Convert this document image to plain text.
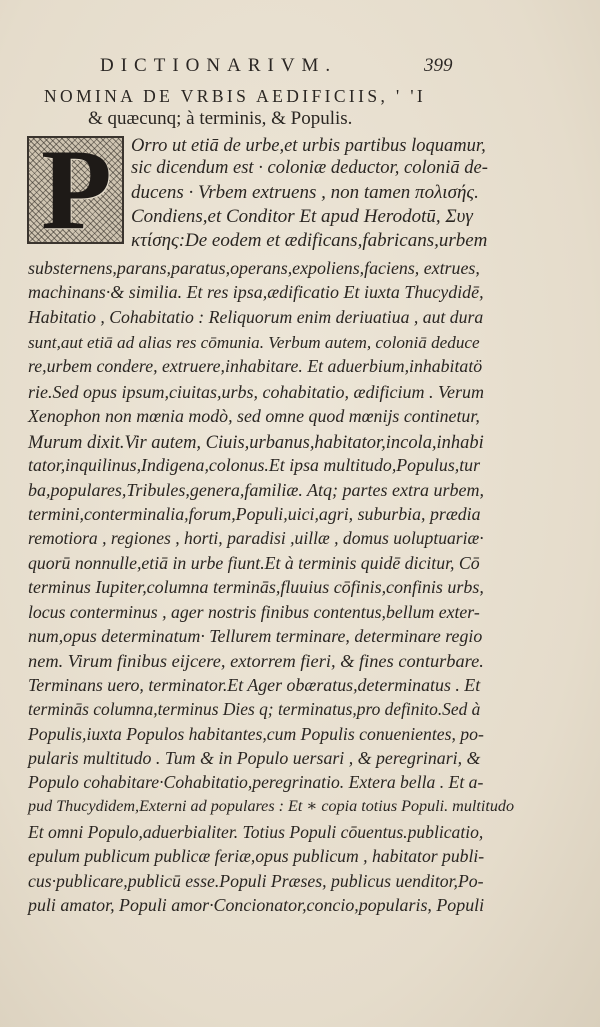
DICTIONARIVM.	399
NOMINA DE VRBIS AEDIFICIIS, ' 'I
& quæcunq; à terminis, & Populis.
P Orro ut etiā de urbe,et urbis partibus loquamur,
sic dicendum est · coloniæ deductor, coloniā de-
ducens · Vrbem extruens , non tamen πολισής.
Condiens,et Conditor Et apud Herodotū, Συγ
κτίσης:De eodem et ædificans,fabricans,urbem
substernens,parans,paratus,operans,expoliens,faciens, extrues,
machinans·& similia. Et res ipsa,ædificatio Et iuxta Thucydidē,
Habitatio , Cohabitatio : Reliquorum enim deriuatiua , aut dura
sunt,aut etiā ad alias res cōmunia. Verbum autem, coloniā deduce
re,urbem condere, extruere,inhabitare. Et aduerbium,inhabitatö
rie.Sed opus ipsum,ciuitas,urbs, cohabitatio, ædificium . Verum
Xenophon non mœnia modò, sed omne quod mœnijs continetur,
Murum dixit.Vir autem, Ciuis,urbanus,habitator,incola,inhabi
tator,inquilinus,Indigena,colonus.Et ipsa multitudo,Populus,tur
ba,populares,Tribules,genera,familiæ. Atq; partes extra urbem,
termini,conterminalia,forum,Populi,uici,agri, suburbia, prædia
remotiora , regiones , horti, paradisi ,uillæ , domus uoluptuariæ·
quorū nonnulle,etiā in urbe fiunt.Et à terminis quidē dicitur, Cō
terminus Iupiter,columna terminās,fluuius cōfinis,confinis urbs,
locus conterminus , ager nostris finibus contentus,bellum exter-
num,opus determinatum· Tellurem terminare, determinare regio
nem. Virum finibus eijcere, extorrem fieri, & fines conturbare.
Terminans uero, terminator.Et Ager obæratus,determinatus . Et
terminās columna,terminus Dies q; terminatus,pro definito.Sed à
Populis,iuxta Populos habitantes,cum Populis conuenientes, po-
pularis multitudo . Tum & in Populo uersari , & peregrinari, &
Populo cohabitare·Cohabitatio,peregrinatio. Extera bella . Et a-
pud Thucydidem,Externi ad populares : Et ∗ copia totius Populi. multitudo
Et omni Populo,aduerbialiter. Totius Populi cōuentus.publicatio,
epulum publicum publicæ feriæ,opus publicum , habitator publi-
cus·publicare,publicū esse.Populi Præses, publicus uenditor,Po-
puli amator, Populi amor·Concionator,concio,popularis, Populi
